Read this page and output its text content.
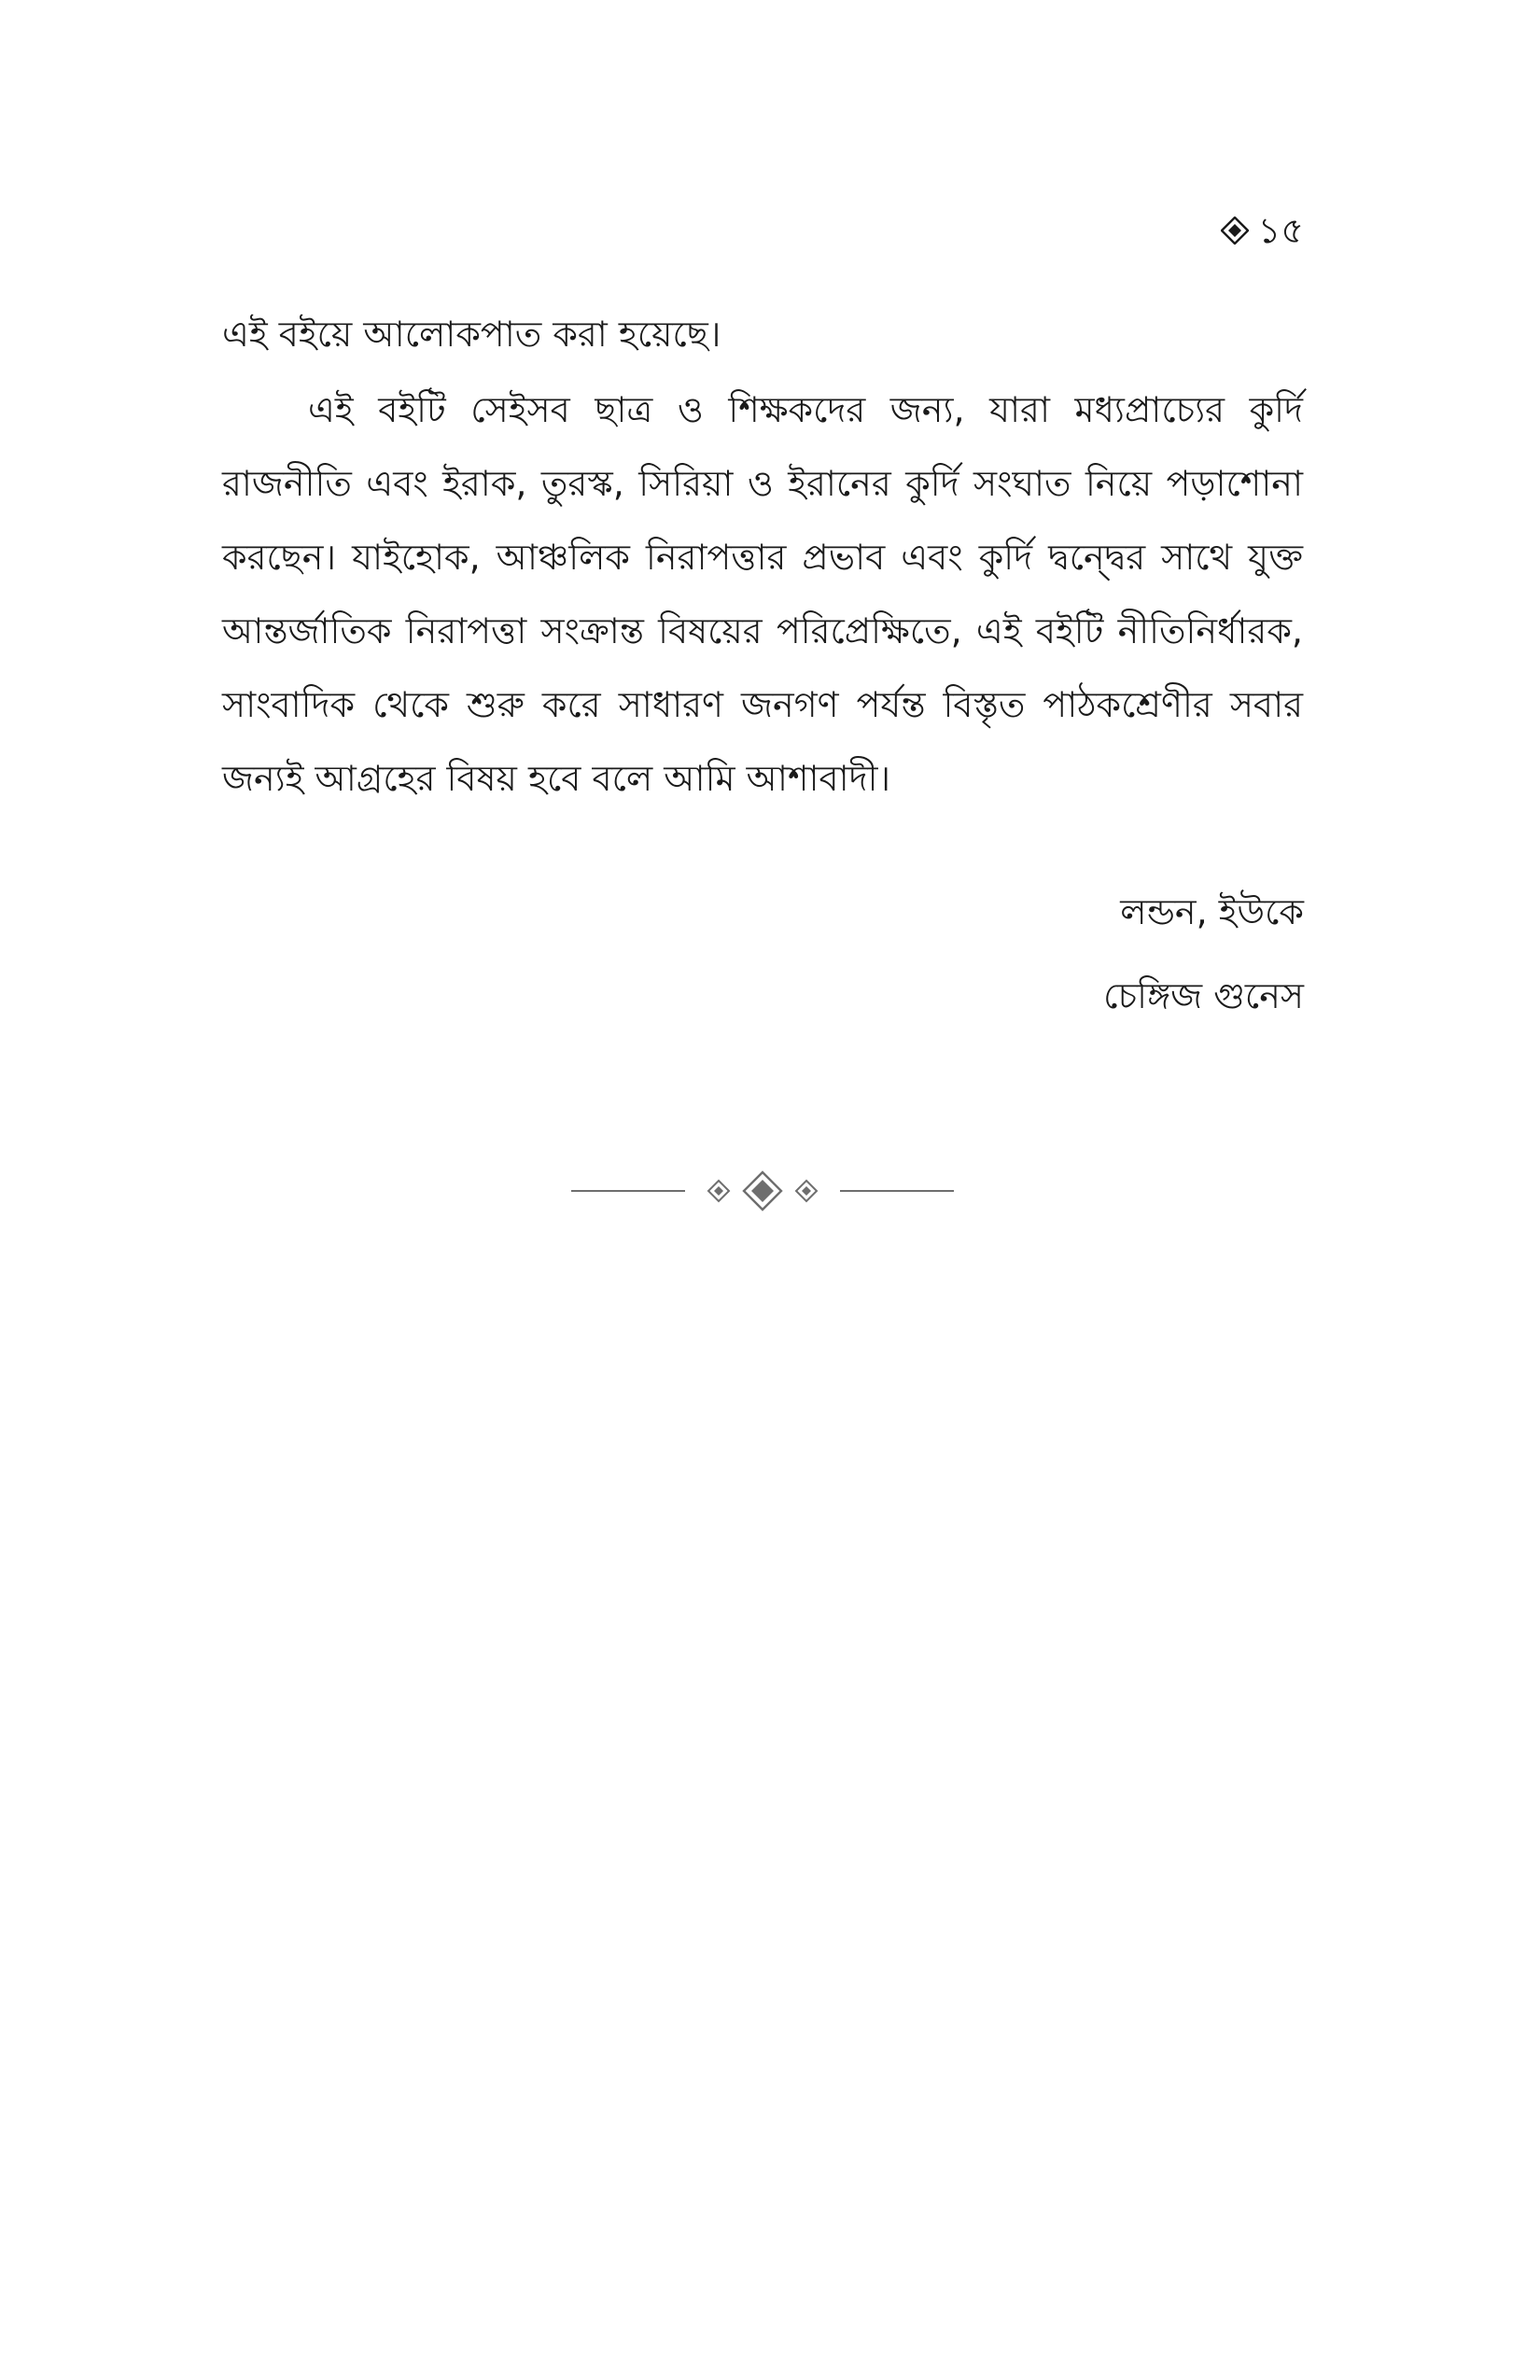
১৫

এই বইয়ে আলোকপাত করা হয়েছে।

এই বইটি সেইসব ছাত্র ও শিক্ষকদের জন্য, যারা মধ্যপ্রাচ্যের কুর্দি রাজনীতি এবং ইরাক, তুরস্ক, সিরিয়া ও ইরানের কুর্দি সংঘাত নিয়ে পড়াশোনা করছেন। যাইহোক, আঞ্চলিক নিরাপত্তার প্রভাব এবং কুর্দি দ্বন্দ্বের সাথে যুক্ত আন্তর্জাতিক নিরাপত্তা সংক্রান্ত বিষয়ের পরিপ্রেক্ষিতে, এই বইটি নীতিনির্ধারক, সাংবাদিক থেকে শুরু করে সাধারণ জনগণ পর্যন্ত বিস্তৃত পাঠকশ্রেণীর সবার জন্যই আগ্রহের বিষয় হবে বলে আমি আশাবাদী।

লন্ডন, ইউকে
চেঙ্গিজ গুনেস
